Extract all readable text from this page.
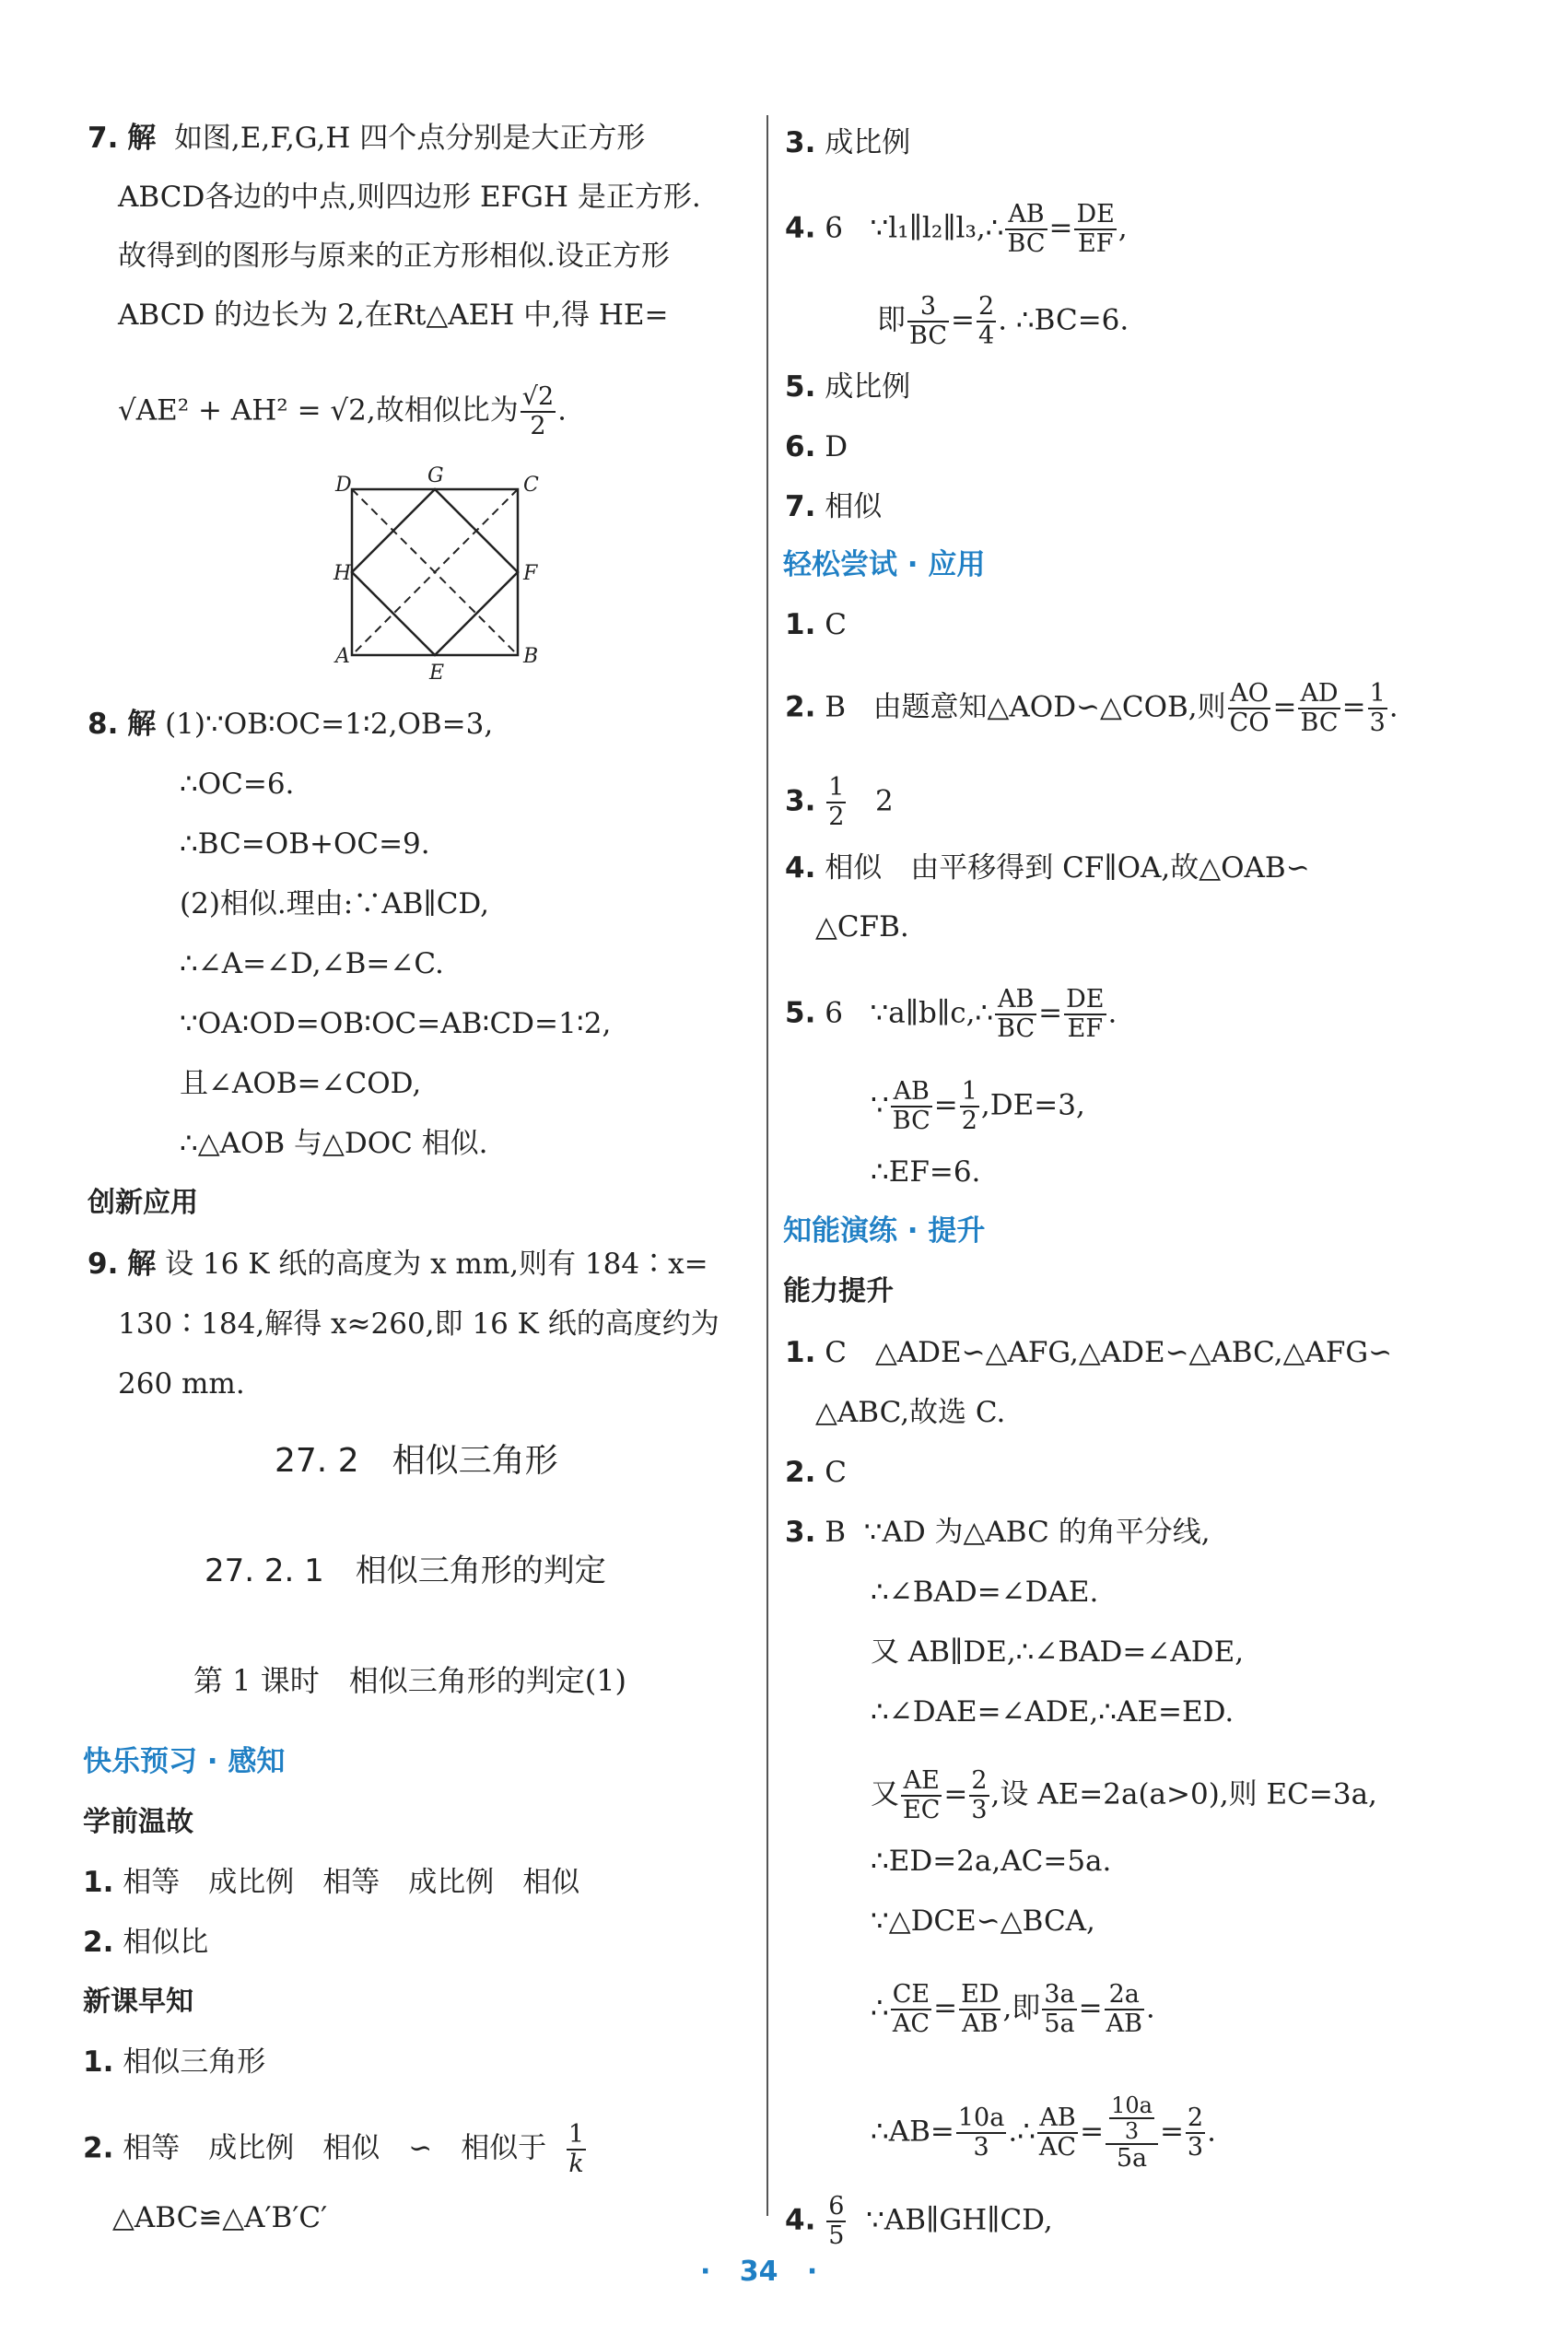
7. 解 如图,E,F,G,H 四个点分别是大正方形
ABCD各边的中点,则四边形 EFGH 是正方形.
故得到的图形与原来的正方形相似.设正方形
ABCD 的边长为 2,在Rt△AEH 中,得 HE=
√AE² + AH² = √2,故相似比为 $\frac{√2}{2}$ .
D	G	C
H	F
A
E
B
8. 解 (1)∵OB∶OC=1∶2,OB=3,
∴OC=6.
∴BC=OB+OC=9.
(2)相似.理由:∵AB∥CD,
∴∠A=∠D,∠B=∠C.
∵OA∶OD=OB∶OC=AB∶CD=1∶2,
且∠AOB=∠COD,
∴△AOB 与△DOC 相似.
创新应用
9. 解 设 16 K 纸的高度为 x mm,则有 184∶x=
130∶184,解得 x≈260,即 16 K 纸的高度约为
260 mm.
27. 2　相似三角形
27. 2. 1　相似三角形的判定
第 1 课时　相似三角形的判定(1)
快乐预习 · 感知
学前温故
1. 相等　成比例　相等　成比例　相似
2. 相似比
新课早知
1. 相似三角形
2. 相等　成比例　相似　∽　相似于 $\frac{1}{k}$
△ABC≌△A′B′C′
3. 成比例
4. 6 ∵l₁∥l₂∥l₃,∴ $\frac{AB}{BC} = \frac{DE}{EF}$ ,
即 $\frac{3}{BC} = \frac{2}{4}$ . ∴BC=6.
5. 成比例
6. D
7. 相似
轻松尝试 · 应用
1. C
2. B 由题意知△AOD∽△COB,则 $\frac{AO}{CO} = \frac{AD}{BC} = \frac{1}{3}$ .
3. $\frac{1}{2} 2$
4. 相似　由平移得到 CF∥OA,故△OAB∽
△CFB.
5. 6 ∵a∥b∥c,∴ $\frac{AB}{BC} = \frac{DE}{EF}$ .
∵ $\frac{AB}{BC} = \frac{1}{2} ,DE=3$,
∴EF=6.
知能演练 · 提升
能力提升
1. C　△ADE∽△AFG,△ADE∽△ABC,△AFG∽
△ABC,故选 C.
2. C
3. B ∵AD 为△ABC 的角平分线,
∴∠BAD=∠DAE.
又 AB∥DE,∴∠BAD=∠ADE,
∴∠DAE=∠ADE,∴AE=ED.
又 $\frac{AE}{EC} = \frac{2}{3}$ ,设 AE=2a(a>0),则 EC=3a,
∴ED=2a,AC=5a.
∵△DCE∽△BCA,
∴ $\frac{CE}{AC} = \frac{ED}{AB}$ ,即 $\frac{3a}{5a} = \frac{2a}{AB}$ .
∴AB= $\frac{10a}{3}$ .∴ $\frac{AB}{AC} = \frac{\frac{10a}{3}}{5a} = \frac{2}{3}$ .
4. $\frac{6}{5}$ ∵AB∥GH∥CD,
·   34   ·
